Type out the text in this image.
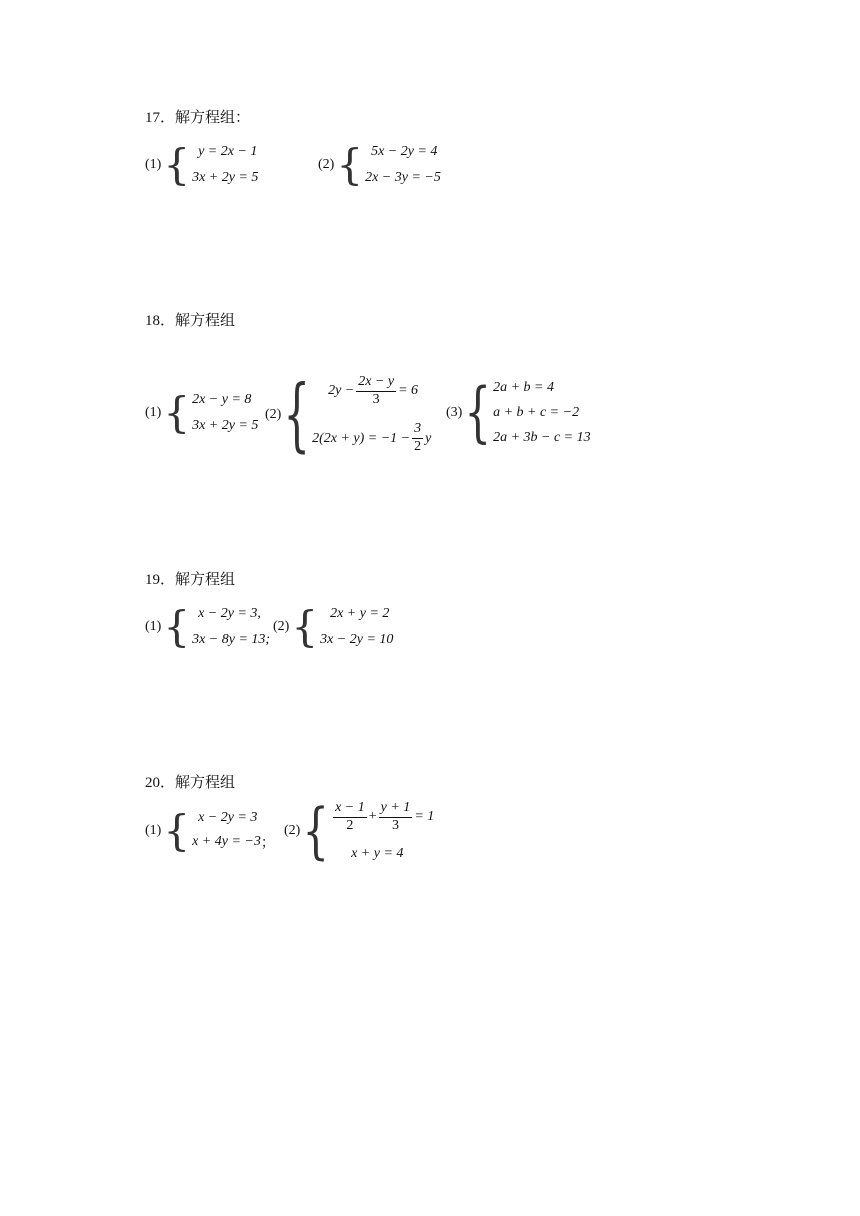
17．解方程组：
(1) { y = 2x − 1
3x + 2y = 5
(2) { 5x − 2y = 4
2x − 3y = −5
18．解方程组
(1) { 2x − y = 8
3x + 2y = 5
(2) { $2y - \frac{2x - y}{3} = 6$
$2(2x + y) = -1 - \frac{3}{2}$ y
(3) { 2a + b = 4
a + b + c = −2
2a + 3b − c = 13
19．解方程组
(1) { x − 2y = 3,
3x − 8y = 13;
(2) { 2x + y = 2
3x − 2y = 10
20．解方程组
(1) { x − 2y = 3
x + 4y = −3 ；
(2) { $\frac{x - 1}{2} + \frac{y + 1}{3} = 1$
x + y = 4
